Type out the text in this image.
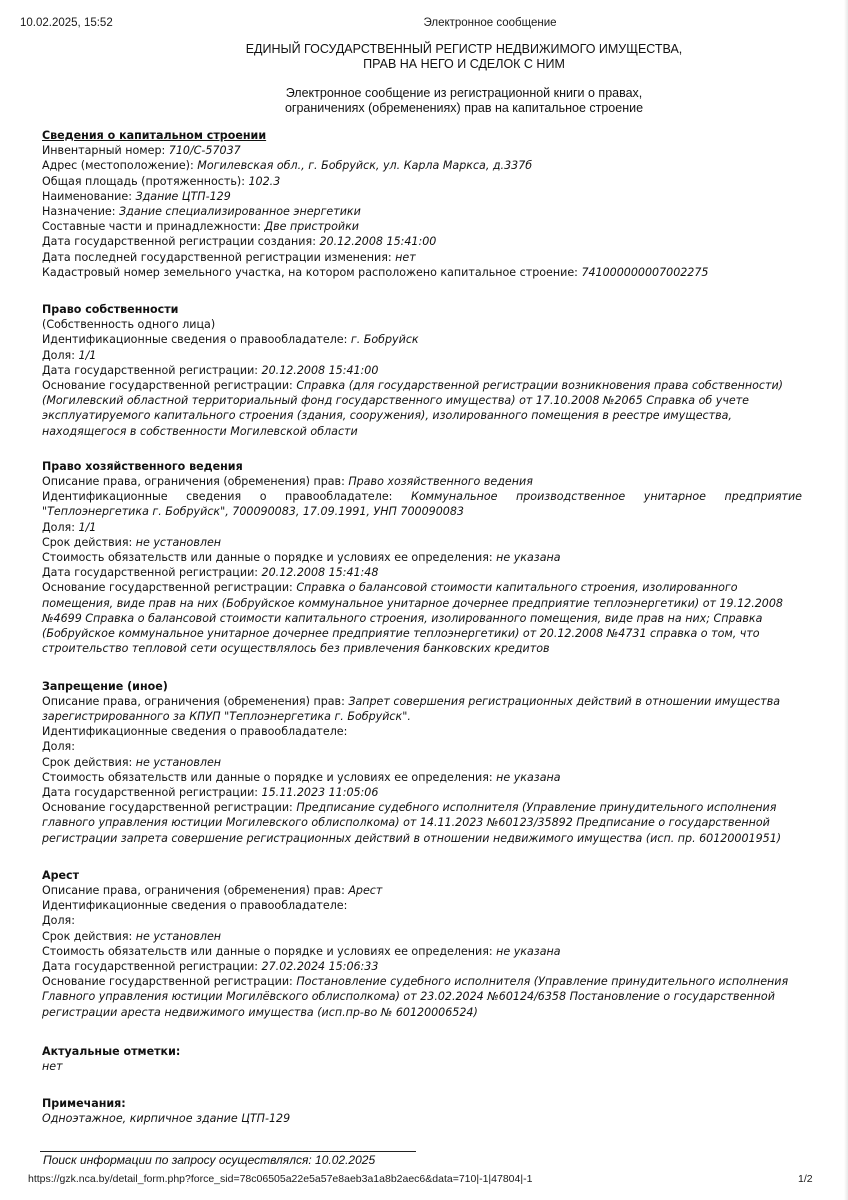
10.02.2025, 15:52	Электронное сообщение
ЕДИНЫЙ ГОСУДАРСТВЕННЫЙ РЕГИСТР НЕДВИЖИМОГО ИМУЩЕСТВА,
ПРАВ НА НЕГО И СДЕЛОК С НИМ
Электронное сообщение из регистрационной книги о правах,
ограничениях (обременениях) прав на капитальное строение
Сведения о капитальном строении
Инвентарный номер: 710/С-57037
Адрес (местоположение): Могилевская обл., г. Бобруйск, ул. Карла Маркса, д.337б
Общая площадь (протяженность): 102.3
Наименование: Здание ЦТП-129
Назначение: Здание специализированное энергетики
Составные части и принадлежности: Две пристройки
Дата государственной регистрации создания: 20.12.2008 15:41:00
Дата последней государственной регистрации изменения: нет
Кадастровый номер земельного участка, на котором расположено капитальное строение: 741000000007002275
Право собственности
(Собственность одного лица)
Идентификационные сведения о правообладателе: г. Бобруйск
Доля: 1/1
Дата государственной регистрации: 20.12.2008 15:41:00
Основание государственной регистрации: Справка (для государственной регистрации возникновения права собственности) (Могилевский областной территориальный фонд государственного имущества) от 17.10.2008 №2065 Справка об учете эксплуатируемого капитального строения (здания, сооружения), изолированного помещения в реестре имущества, находящегося в собственности Могилевской области
Право хозяйственного ведения
Описание права, ограничения (обременения) прав: Право хозяйственного ведения
Идентификационные сведения о правообладателе: Коммунальное производственное унитарное предприятие "Теплоэнергетика г. Бобруйск", 700090083, 17.09.1991, УНП 700090083
Доля: 1/1
Срок действия: не установлен
Стоимость обязательств или данные о порядке и условиях ее определения: не указана
Дата государственной регистрации: 20.12.2008 15:41:48
Основание государственной регистрации: Справка о балансовой стоимости капитального строения, изолированного помещения, виде прав на них (Бобруйское коммунальное унитарное дочернее предприятие теплоэнергетики) от 19.12.2008 №4699 Справка о балансовой стоимости капитального строения, изолированного помещения, виде прав на них; Справка (Бобруйское коммунальное унитарное дочернее предприятие теплоэнергетики) от 20.12.2008 №4731 справка о том, что строительство тепловой сети осуществлялось без привлечения банковских кредитов
Запрещение (иное)
Описание права, ограничения (обременения) прав: Запрет совершения регистрационных действий в отношении имущества зарегистрированного за КПУП "Теплоэнергетика г. Бобруйск".
Идентификационные сведения о правообладателе:
Доля:
Срок действия: не установлен
Стоимость обязательств или данные о порядке и условиях ее определения: не указана
Дата государственной регистрации: 15.11.2023 11:05:06
Основание государственной регистрации: Предписание судебного исполнителя (Управление принудительного исполнения главного управления юстиции Могилевского облисполкома) от 14.11.2023 №60123/35892 Предписание о государственной регистрации запрета совершение регистрационных действий в отношении недвижимого имущества (исп. пр. 60120001951)
Арест
Описание права, ограничения (обременения) прав: Арест
Идентификационные сведения о правообладателе:
Доля:
Срок действия: не установлен
Стоимость обязательств или данные о порядке и условиях ее определения: не указана
Дата государственной регистрации: 27.02.2024 15:06:33
Основание государственной регистрации: Постановление судебного исполнителя (Управление принудительного исполнения Главного управления юстиции Могилёвского облисполкома) от 23.02.2024 №60124/6358 Постановление о государственной регистрации ареста недвижимого имущества (исп.пр-во № 60120006524)
Актуальные отметки:
нет
Примечания:
Одноэтажное, кирпичное здание ЦТП-129
Поиск информации по запросу осуществлялся: 10.02.2025
https://gzk.nca.by/detail_form.php?force_sid=78c06505a22e5a57e8aeb3a1a8b2aec6&data=710|-1|47804|-1	1/2
